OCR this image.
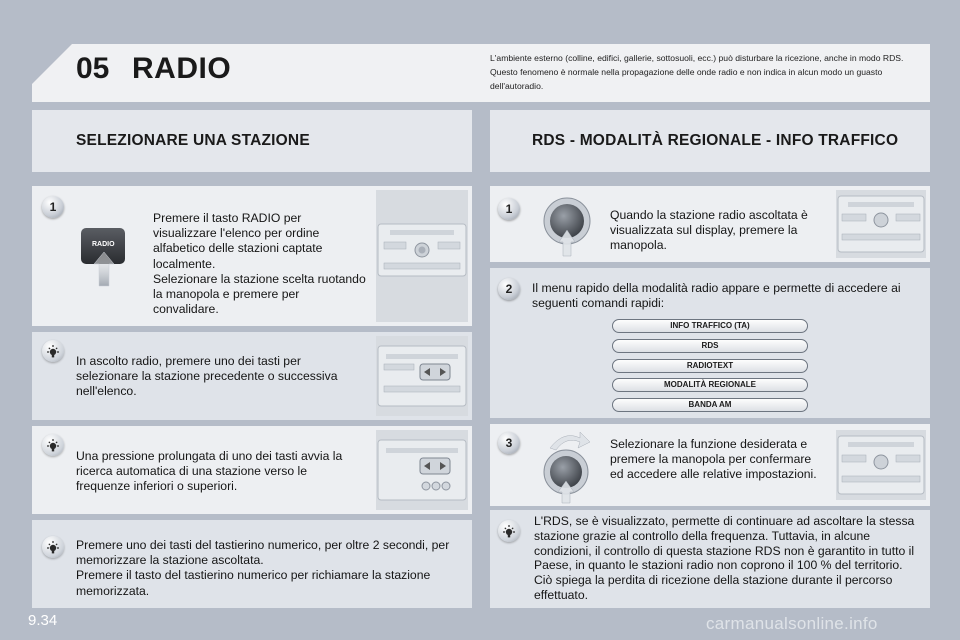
05 RADIO	L'ambiente esterno (colline, edifici, gallerie, sottosuoli, ecc.) può disturbare la ricezione, anche in modo RDS. Questo fenomeno è normale nella propagazione delle onde radio e non indica in alcun modo un guasto dell'autoradio.
SELEZIONARE UNA STAZIONE	RDS - MODALITÀ REGIONALE - INFO TRAFFICO
1
RADIO
Premere il tasto RADIO per visualizzare l'elenco per ordine alfabetico delle stazioni captate localmente.
Selezionare la stazione scelta ruotando la manopola e premere per convalidare.
In ascolto radio, premere uno dei tasti per selezionare la stazione precedente o successiva nell'elenco.
Una pressione prolungata di uno dei tasti avvia la ricerca automatica di una stazione verso le frequenze inferiori o superiori.
Premere uno dei tasti del tastierino numerico, per oltre 2 secondi, per memorizzare la stazione ascoltata.
Premere il tasto del tastierino numerico per richiamare la stazione memorizzata.
1	Quando la stazione radio ascoltata è visualizzata sul display, premere la manopola.
2	Il menu rapido della modalità radio appare e permette di accedere ai seguenti comandi rapidi:
INFO TRAFFICO (TA)
RDS
RADIOTEXT
MODALITÀ REGIONALE
BANDA AM
3	Selezionare la funzione desiderata e premere la manopola per confermare ed accedere alle relative impostazioni.
L'RDS, se è visualizzato, permette di continuare ad ascoltare la stessa stazione grazie al controllo della frequenza. Tuttavia, in alcune condizioni, il controllo di questa stazione RDS non è garantito in tutto il Paese, in quanto le stazioni radio non coprono il 100 % del territorio. Ciò spiega la perdita di ricezione della stazione durante il percorso effettuato.
9.34	carmanualsonline.info
